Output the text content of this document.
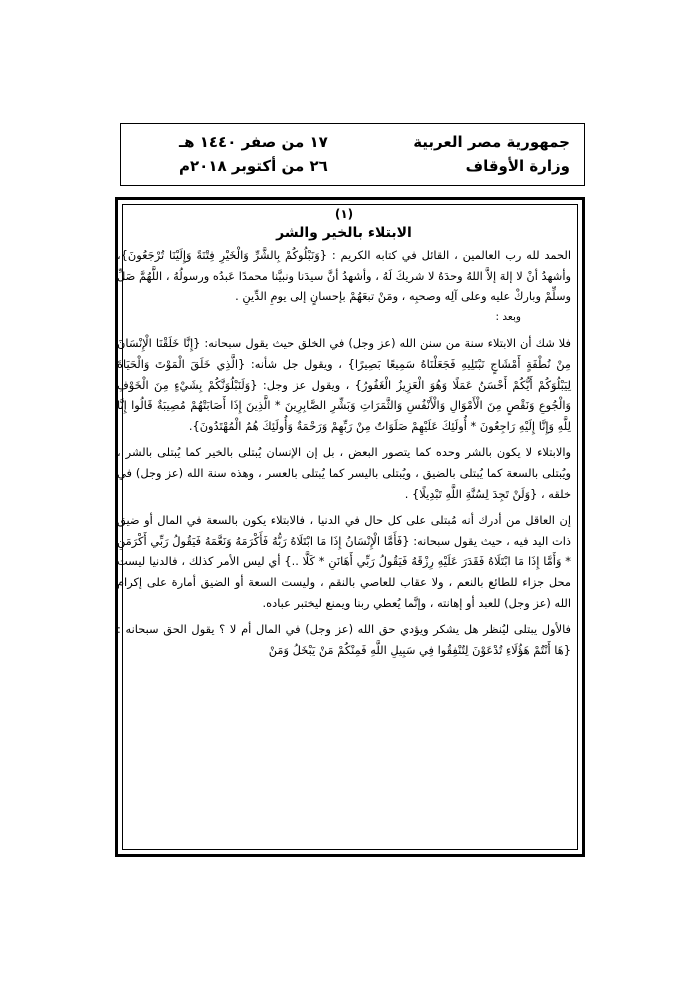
جمهورية مصر العربية
وزارة الأوقاف
١٧ من صفر ١٤٤٠ هـ
٢٦ من أكتوبر ٢٠١٨م
(١)
الابتلاء بالخير والشر

الحمد لله رب العالمين ، القائل في كتابه الكريم : {وَنَبْلُوكُمْ بِالشَّرِّ وَالْخَيْرِ فِتْنَةً وَإِلَيْنَا تُرْجَعُونَ}، وأشهدُ أنْ لا إلهَ إلاَّ اللهُ وحدَهُ لا شريكَ لَهُ ، وأشهدُ أنَّ سيدَنا ونبيَّنا محمدًا عَبدُه ورسولُهُ ، اللَّهُمَّ صَلِّ وسلِّمْ وباركْ عليه وعلى آلِه وصحبِه ، ومَنْ تبعَهُمْ بإحسانٍ إلى يومِ الدِّينِ .

وبعد :

فلا شك أن الابتلاء سنة من سنن الله (عز وجل) في الخلق حيث يقول سبحانه: {إِنَّا خَلَقْنَا الْإِنْسَانَ مِنْ نُطْفَةٍ أَمْشَاجٍ نَبْتَلِيهِ فَجَعَلْنَاهُ سَمِيعًا بَصِيرًا} ، ويقول جل شأنه: {الَّذِي خَلَقَ الْمَوْتَ وَالْحَيَاةَ لِيَبْلُوَكُمْ أَيُّكُمْ أَحْسَنُ عَمَلًا وَهُوَ الْعَزِيزُ الْغَفُورُ} ، ويقول عز وجل: {وَلَنَبْلُوَنَّكُمْ بِشَيْءٍ مِنَ الْخَوْفِ وَالْجُوعِ وَنَقْصٍ مِنَ الْأَمْوَالِ وَالْأَنْفُسِ وَالثَّمَرَاتِ وَبَشِّرِ الصَّابِرِينَ * الَّذِينَ إِذَا أَصَابَتْهُمْ مُصِيبَةٌ قَالُوا إِنَّا لِلَّهِ وَإِنَّا إِلَيْهِ رَاجِعُونَ * أُولَئِكَ عَلَيْهِمْ صَلَوَاتٌ مِنْ رَبِّهِمْ وَرَحْمَةٌ وَأُولَئِكَ هُمُ الْمُهْتَدُونَ}.

والابتلاء لا يكون بالشر وحده كما يتصور البعض ، بل إن الإنسان يُبتلى بالخير كما يُبتلى بالشر ، ويُبتلى بالسعة كما يُبتلى بالضيق ، ويُبتلى باليسر كما يُبتلى بالعسر ، وهذه سنة الله (عز وجل) في خلقه ، {وَلَنْ تَجِدَ لِسُنَّةِ اللَّهِ تَبْدِيلًا} .

إن العاقل من أدرك أنه مُبتلى على كل حال في الدنيا ، فالابتلاء يكون بالسعة في المال أو ضيق ذات اليد فيه ، حيث يقول سبحانه: {فَأَمَّا الْإِنْسَانُ إِذَا مَا ابْتَلَاهُ رَبُّهُ فَأَكْرَمَهُ وَنَعَّمَهُ فَيَقُولُ رَبِّي أَكْرَمَنِ * وَأَمَّا إِذَا مَا ابْتَلَاهُ فَقَدَرَ عَلَيْهِ رِزْقَهُ فَيَقُولُ رَبِّي أَهَانَنِ * كَلَّا ..} أي ليس الأمر كذلك ، فالدنيا ليست محل جزاء للطائع بالنعم ، ولا عقاب للعاصي بالنقم ، وليست السعة أو الضيق أمارة على إكرام الله (عز وجل) للعبد أو إهانته ، وإنَّما يُعطي ربنا ويمنع ليختبر عباده.

فالأول يبتلى ليُنظر هل يشكر ويؤدي حق الله (عز وجل) في المال أم لا ؟ يقول الحق سبحانه : {هَا أَنْتُمْ هَؤُلَاءِ تُدْعَوْنَ لِتُنْفِقُوا فِي سَبِيلِ اللَّهِ فَمِنْكُمْ مَنْ يَبْخَلُ وَمَنْ
